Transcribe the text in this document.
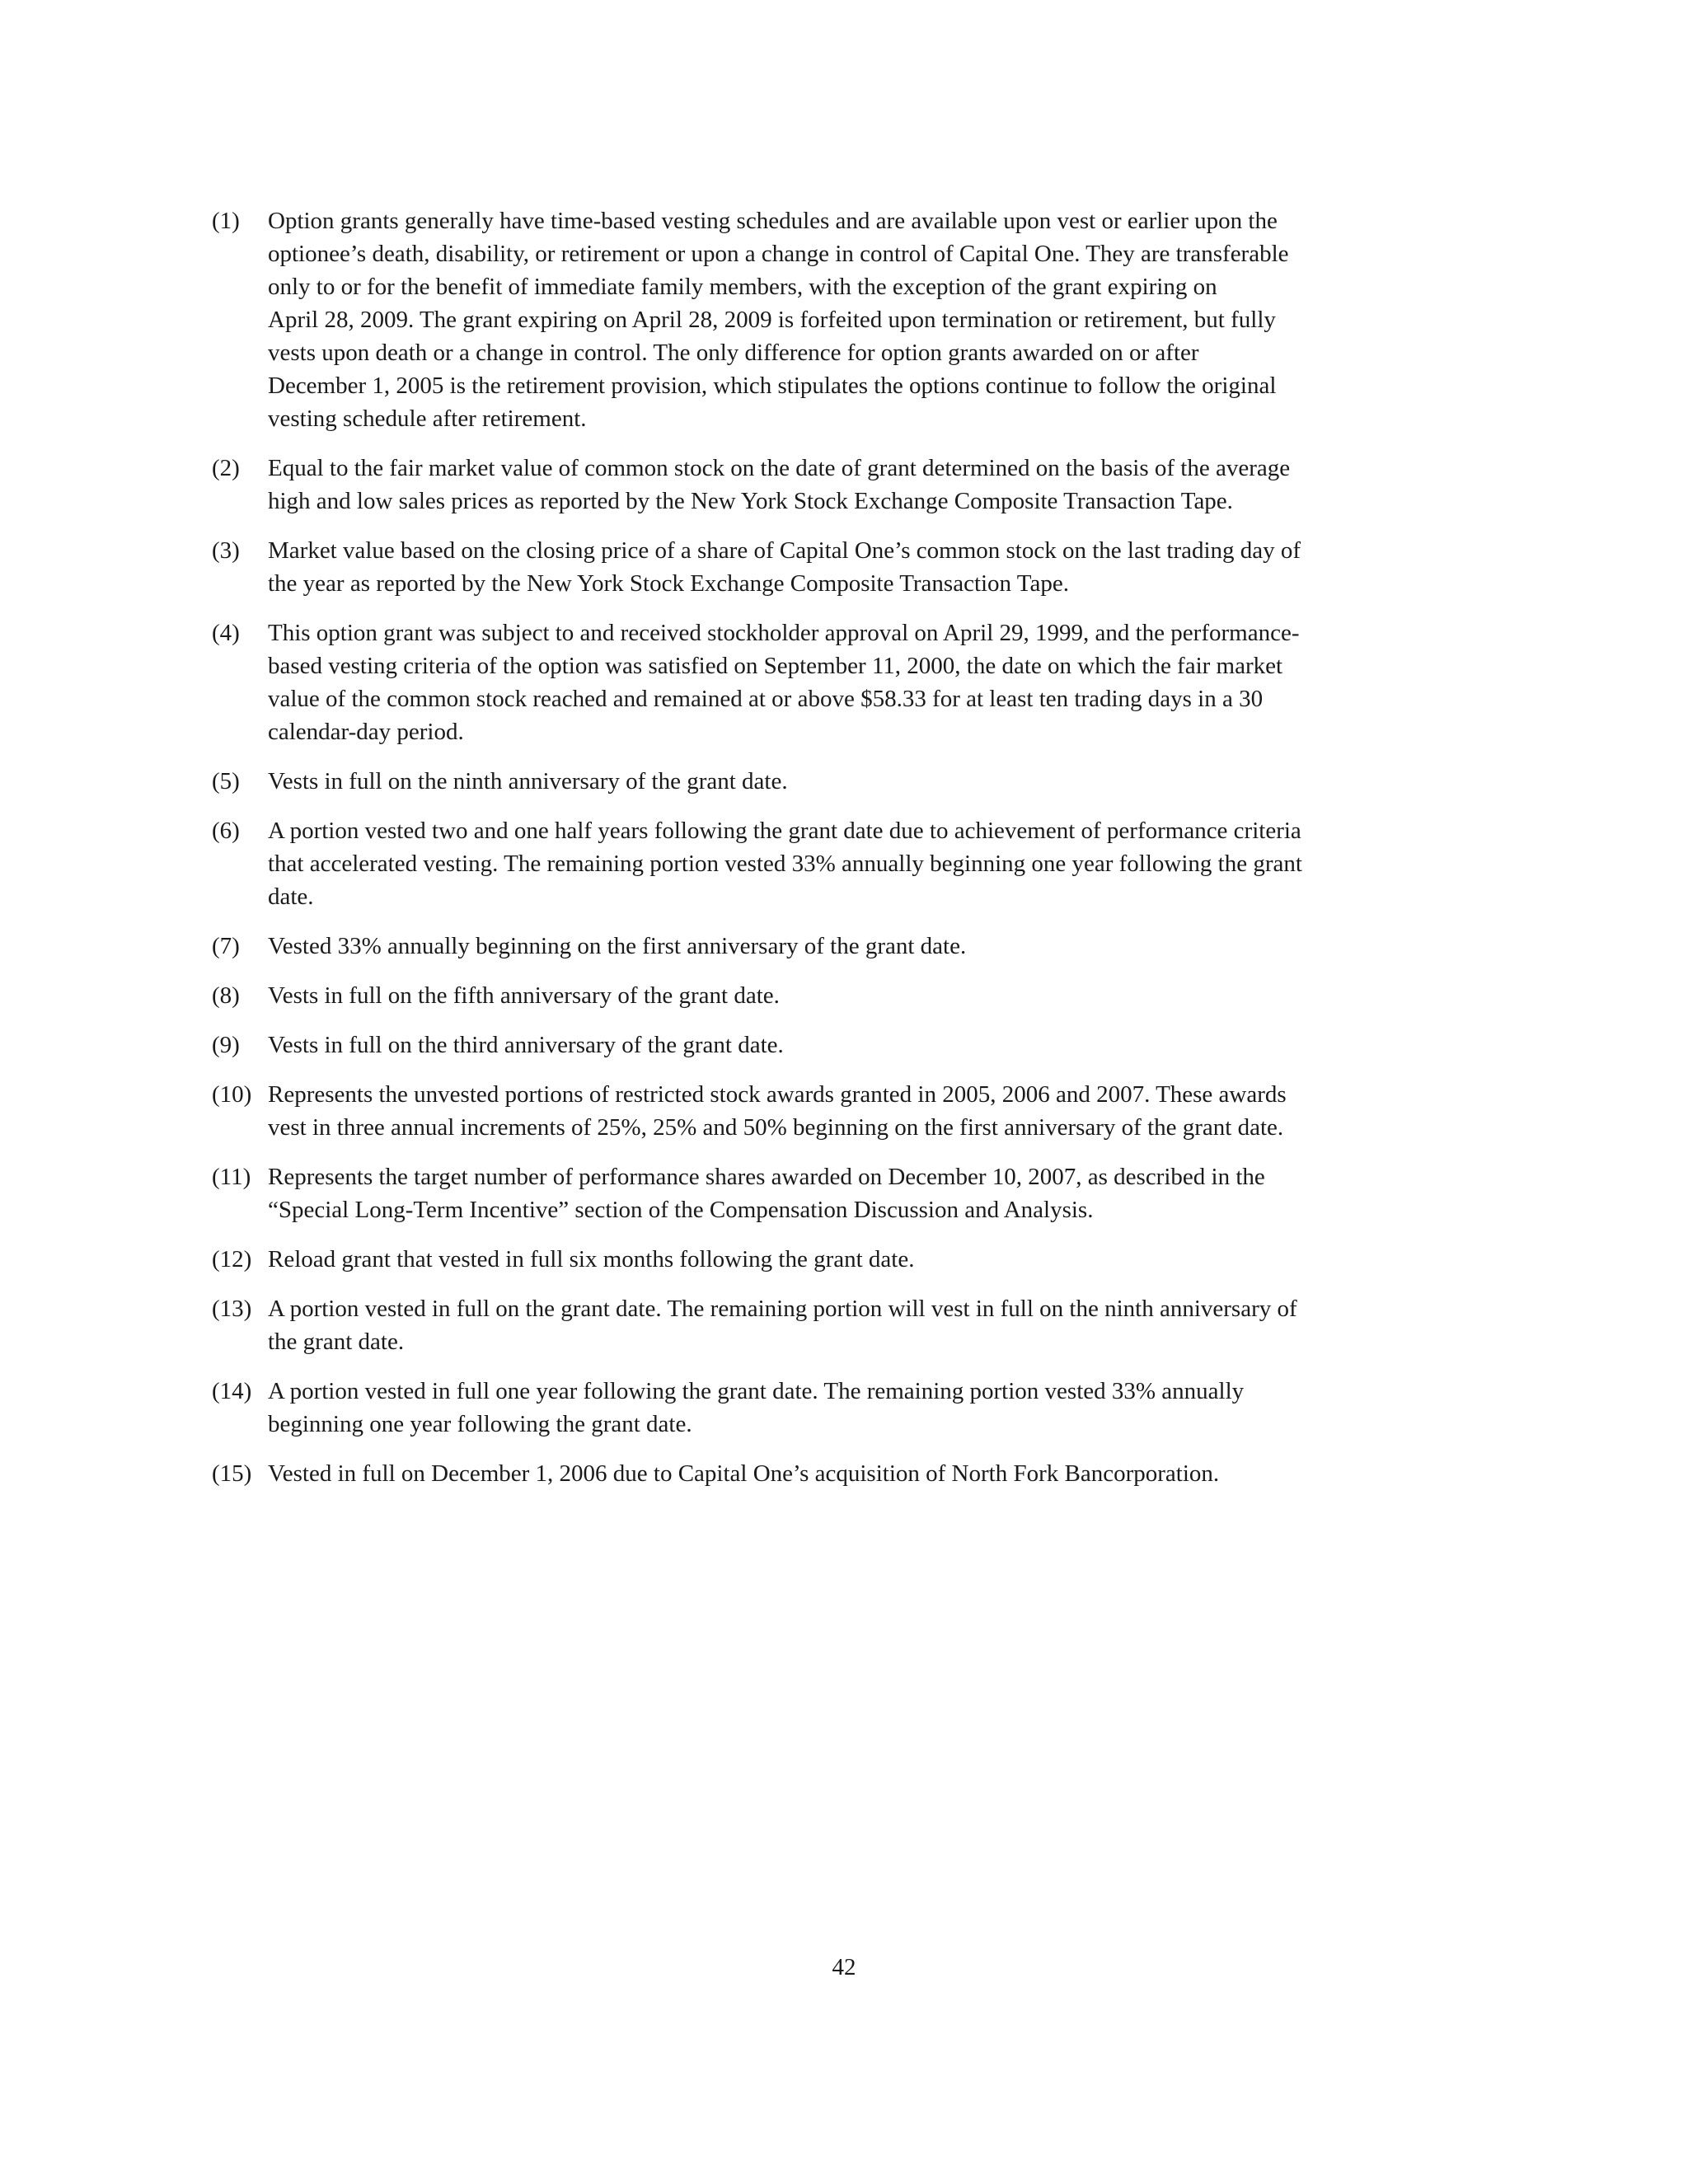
(1)	Option grants generally have time-based vesting schedules and are available upon vest or earlier upon the
optionee’s death, disability, or retirement or upon a change in control of Capital One. They are transferable
only to or for the benefit of immediate family members, with the exception of the grant expiring on
April 28, 2009. The grant expiring on April 28, 2009 is forfeited upon termination or retirement, but fully
vests upon death or a change in control. The only difference for option grants awarded on or after
December 1, 2005 is the retirement provision, which stipulates the options continue to follow the original
vesting schedule after retirement.
(2)	Equal to the fair market value of common stock on the date of grant determined on the basis of the average
high and low sales prices as reported by the New York Stock Exchange Composite Transaction Tape.
(3)	Market value based on the closing price of a share of Capital One’s common stock on the last trading day of
the year as reported by the New York Stock Exchange Composite Transaction Tape.
(4)	This option grant was subject to and received stockholder approval on April 29, 1999, and the performance-
based vesting criteria of the option was satisfied on September 11, 2000, the date on which the fair market
value of the common stock reached and remained at or above $58.33 for at least ten trading days in a 30
calendar-day period.
(5)	Vests in full on the ninth anniversary of the grant date.
(6)	A portion vested two and one half years following the grant date due to achievement of performance criteria
that accelerated vesting. The remaining portion vested 33% annually beginning one year following the grant
date.
(7)	Vested 33% annually beginning on the first anniversary of the grant date.
(8)	Vests in full on the fifth anniversary of the grant date.
(9)	Vests in full on the third anniversary of the grant date.
(10) Represents the unvested portions of restricted stock awards granted in 2005, 2006 and 2007. These awards
vest in three annual increments of 25%, 25% and 50% beginning on the first anniversary of the grant date.
(11) Represents the target number of performance shares awarded on December 10, 2007, as described in the
“Special Long-Term Incentive” section of the Compensation Discussion and Analysis.
(12) Reload grant that vested in full six months following the grant date.
(13) A portion vested in full on the grant date. The remaining portion will vest in full on the ninth anniversary of
the grant date.
(14) A portion vested in full one year following the grant date. The remaining portion vested 33% annually
beginning one year following the grant date.
(15) Vested in full on December 1, 2006 due to Capital One’s acquisition of North Fork Bancorporation.
42
